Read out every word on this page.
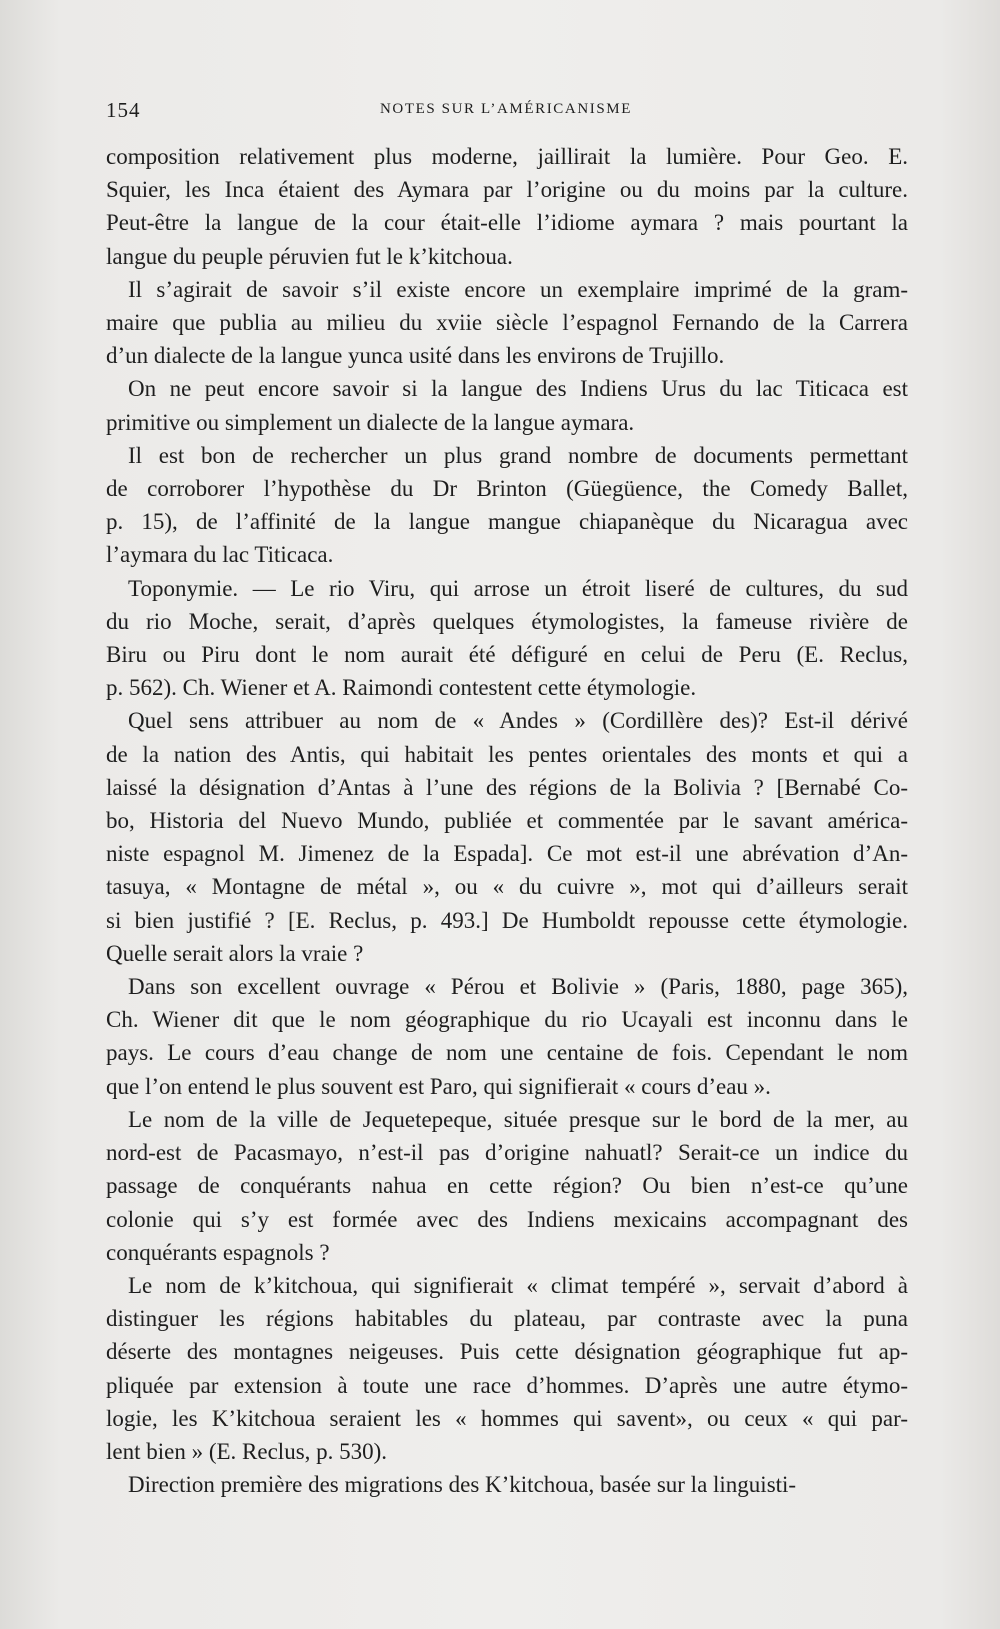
154	NOTES SUR L’AMÉRICANISME
composition relativement plus moderne, jaillirait la lumière. Pour Geo. E.
Squier, les Inca étaient des Aymara par l’origine ou du moins par la culture.
Peut-être la langue de la cour était-elle l’idiome aymara ? mais pourtant la
langue du peuple péruvien fut le k’kitchoua.
Il s’agirait de savoir s’il existe encore un exemplaire imprimé de la gram-
maire que publia au milieu du xviie siècle l’espagnol Fernando de la Carrera
d’un dialecte de la langue yunca usité dans les environs de Trujillo.
On ne peut encore savoir si la langue des Indiens Urus du lac Titicaca est
primitive ou simplement un dialecte de la langue aymara.
Il est bon de rechercher un plus grand nombre de documents permettant
de corroborer l’hypothèse du Dr Brinton (Güegüence, the Comedy Ballet,
p. 15), de l’affinité de la langue mangue chiapanèque du Nicaragua avec
l’aymara du lac Titicaca.
Toponymie. — Le rio Viru, qui arrose un étroit liseré de cultures, du sud
du rio Moche, serait, d’après quelques étymologistes, la fameuse rivière de
Biru ou Piru dont le nom aurait été défiguré en celui de Peru (E. Reclus,
p. 562). Ch. Wiener et A. Raimondi contestent cette étymologie.
Quel sens attribuer au nom de « Andes » (Cordillère des)? Est-il dérivé
de la nation des Antis, qui habitait les pentes orientales des monts et qui a
laissé la désignation d’Antas à l’une des régions de la Bolivia ? [Bernabé Co-
bo, Historia del Nuevo Mundo, publiée et commentée par le savant américa-
niste espagnol M. Jimenez de la Espada]. Ce mot est-il une abrévation d’An-
tasuya, « Montagne de métal », ou « du cuivre », mot qui d’ailleurs serait
si bien justifié ? [E. Reclus, p. 493.] De Humboldt repousse cette étymologie.
Quelle serait alors la vraie ?
Dans son excellent ouvrage « Pérou et Bolivie » (Paris, 1880, page 365),
Ch. Wiener dit que le nom géographique du rio Ucayali est inconnu dans le
pays. Le cours d’eau change de nom une centaine de fois. Cependant le nom
que l’on entend le plus souvent est Paro, qui signifierait « cours d’eau ».
Le nom de la ville de Jequetepeque, située presque sur le bord de la mer, au
nord-est de Pacasmayo, n’est-il pas d’origine nahuatl? Serait-ce un indice du
passage de conquérants nahua en cette région? Ou bien n’est-ce qu’une
colonie qui s’y est formée avec des Indiens mexicains accompagnant des
conquérants espagnols ?
Le nom de k’kitchoua, qui signifierait « climat tempéré », servait d’abord à
distinguer les régions habitables du plateau, par contraste avec la puna
déserte des montagnes neigeuses. Puis cette désignation géographique fut ap-
pliquée par extension à toute une race d’hommes. D’après une autre étymo-
logie, les K’kitchoua seraient les « hommes qui savent», ou ceux « qui par-
lent bien » (E. Reclus, p. 530).
Direction première des migrations des K’kitchoua, basée sur la linguisti-
